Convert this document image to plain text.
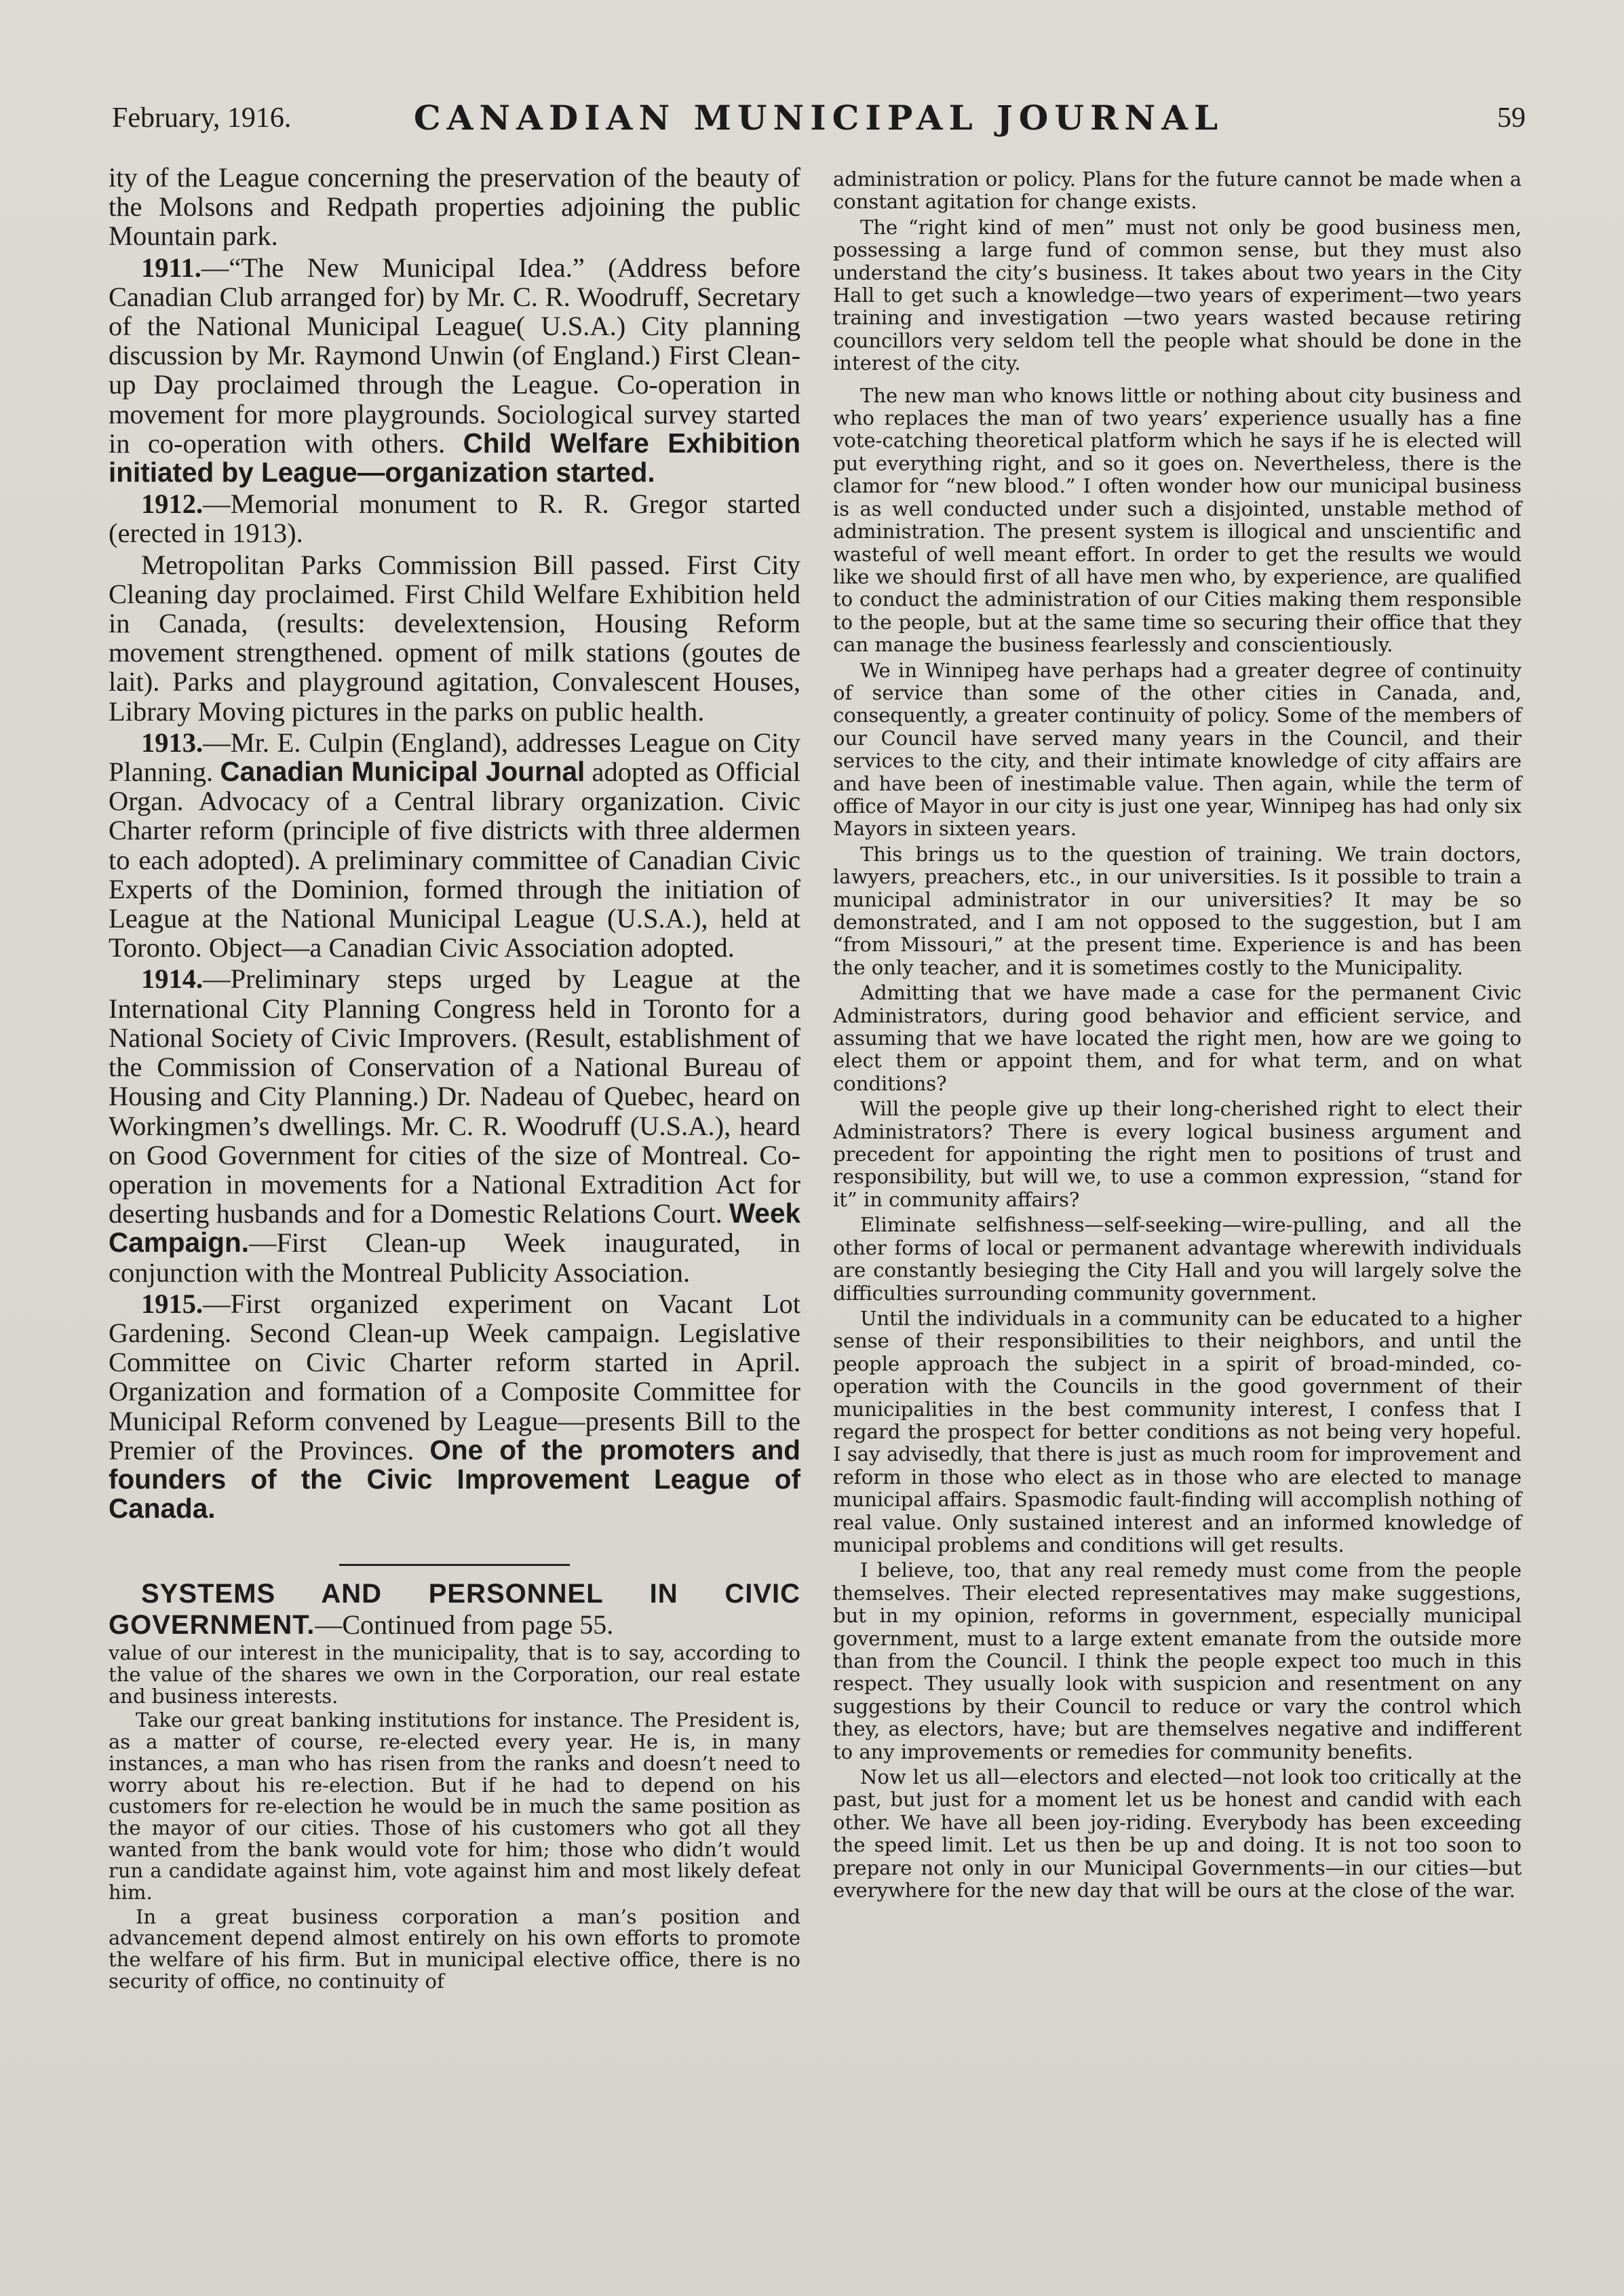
February, 1916.	CANADIAN MUNICIPAL JOURNAL	59

ity of the League concerning the preservation of the beauty of the Molsons and Redpath properties adjoining the public Mountain park.

1911.—“The New Municipal Idea.” (Address before Canadian Club arranged for) by Mr. C. R. Woodruff, Secretary of the National Municipal League( U.S.A.) City planning discussion by Mr. Raymond Unwin (of England.) First Clean-up Day proclaimed through the League. Co-operation in movement for more playgrounds. Sociological survey started in co-operation with others. Child Welfare Exhibition initiated by League—organization started.

1912.—Memorial monument to R. R. Gregor started (erected in 1913).

Metropolitan Parks Commission Bill passed. First City Cleaning day proclaimed. First Child Welfare Exhibition held in Canada, (results: develextension, Housing Reform movement strengthened. opment of milk stations (goutes de lait). Parks and playground agitation, Convalescent Houses, Library Moving pictures in the parks on public health.

1913.—Mr. E. Culpin (England), addresses League on City Planning. Canadian Municipal Journal adopted as Official Organ. Advocacy of a Central library organization. Civic Charter reform (principle of five districts with three aldermen to each adopted). A preliminary committee of Canadian Civic Experts of the Dominion, formed through the initiation of League at the National Municipal League (U.S.A.), held at Toronto. Object—a Canadian Civic Association adopted.

1914.—Preliminary steps urged by League at the International City Planning Congress held in Toronto for a National Society of Civic Improvers. (Result, establishment of the Commission of Conservation of a National Bureau of Housing and City Planning.) Dr. Nadeau of Quebec, heard on Workingmen’s dwellings. Mr. C. R. Woodruff (U.S.A.), heard on Good Government for cities of the size of Montreal. Co-operation in movements for a National Extradition Act for deserting husbands and for a Domestic Relations Court. Week Campaign.—First Clean-up Week inaugurated, in conjunction with the Montreal Publicity Association.

1915.—First organized experiment on Vacant Lot Gardening. Second Clean-up Week campaign. Legislative Committee on Civic Charter reform started in April. Organization and formation of a Composite Committee for Municipal Reform convened by League—presents Bill to the Premier of the Provinces. One of the promoters and founders of the Civic Improvement League of Canada.

SYSTEMS AND PERSONNEL IN CIVIC GOVERNMENT.—Continued from page 55.

value of our interest in the municipality, that is to say, according to the value of the shares we own in the Corporation, our real estate and business interests.

Take our great banking institutions for instance. The President is, as a matter of course, re-elected every year. He is, in many instances, a man who has risen from the ranks and doesn’t need to worry about his re-election. But if he had to depend on his customers for re-election he would be in much the same position as the mayor of our cities. Those of his customers who got all they wanted from the bank would vote for him; those who didn’t would run a candidate against him, vote against him and most likely defeat him.

In a great business corporation a man’s position and advancement depend almost entirely on his own efforts to promote the welfare of his firm. But in municipal elective office, there is no security of office, no continuity of

administration or policy. Plans for the future cannot be made when a constant agitation for change exists.

The “right kind of men” must not only be good business men, possessing a large fund of common sense, but they must also understand the city’s business. It takes about two years in the City Hall to get such a knowledge—two years of experiment—two years training and investigation —two years wasted because retiring councillors very seldom tell the people what should be done in the interest of the city.

The new man who knows little or nothing about city business and who replaces the man of two years’ experience usually has a fine vote-catching theoretical platform which he says if he is elected will put everything right, and so it goes on. Nevertheless, there is the clamor for “new blood.” I often wonder how our municipal business is as well conducted under such a disjointed, unstable method of administration. The present system is illogical and unscientific and wasteful of well meant effort. In order to get the results we would like we should first of all have men who, by experience, are qualified to conduct the administration of our Cities making them responsible to the people, but at the same time so securing their office that they can manage the business fearlessly and conscientiously.

We in Winnipeg have perhaps had a greater degree of continuity of service than some of the other cities in Canada, and, consequently, a greater continuity of policy. Some of the members of our Council have served many years in the Council, and their services to the city, and their intimate knowledge of city affairs are and have been of inestimable value. Then again, while the term of office of Mayor in our city is just one year, Winnipeg has had only six Mayors in sixteen years.

This brings us to the question of training. We train doctors, lawyers, preachers, etc., in our universities. Is it possible to train a municipal administrator in our universities? It may be so demonstrated, and I am not opposed to the suggestion, but I am “from Missouri,” at the present time. Experience is and has been the only teacher, and it is sometimes costly to the Municipality.

Admitting that we have made a case for the permanent Civic Administrators, during good behavior and efficient service, and assuming that we have located the right men, how are we going to elect them or appoint them, and for what term, and on what conditions?

Will the people give up their long-cherished right to elect their Administrators? There is every logical business argument and precedent for appointing the right men to positions of trust and responsibility, but will we, to use a common expression, “stand for it” in community affairs?

Eliminate selfishness—self-seeking—wire-pulling, and all the other forms of local or permanent advantage wherewith individuals are constantly besieging the City Hall and you will largely solve the difficulties surrounding community government.

Until the individuals in a community can be educated to a higher sense of their responsibilities to their neighbors, and until the people approach the subject in a spirit of broad-minded, co-operation with the Councils in the good government of their municipalities in the best community interest, I confess that I regard the prospect for better conditions as not being very hopeful. I say advisedly, that there is just as much room for improvement and reform in those who elect as in those who are elected to manage municipal affairs. Spasmodic fault-finding will accomplish nothing of real value. Only sustained interest and an informed knowledge of municipal problems and conditions will get results.

I believe, too, that any real remedy must come from the people themselves. Their elected representatives may make suggestions, but in my opinion, reforms in government, especially municipal government, must to a large extent emanate from the outside more than from the Council. I think the people expect too much in this respect. They usually look with suspicion and resentment on any suggestions by their Council to reduce or vary the control which they, as electors, have; but are themselves negative and indifferent to any improvements or remedies for community benefits.

Now let us all—electors and elected—not look too critically at the past, but just for a moment let us be honest and candid with each other. We have all been joy-riding. Everybody has been exceeding the speed limit. Let us then be up and doing. It is not too soon to prepare not only in our Municipal Governments—in our cities—but everywhere for the new day that will be ours at the close of the war.
